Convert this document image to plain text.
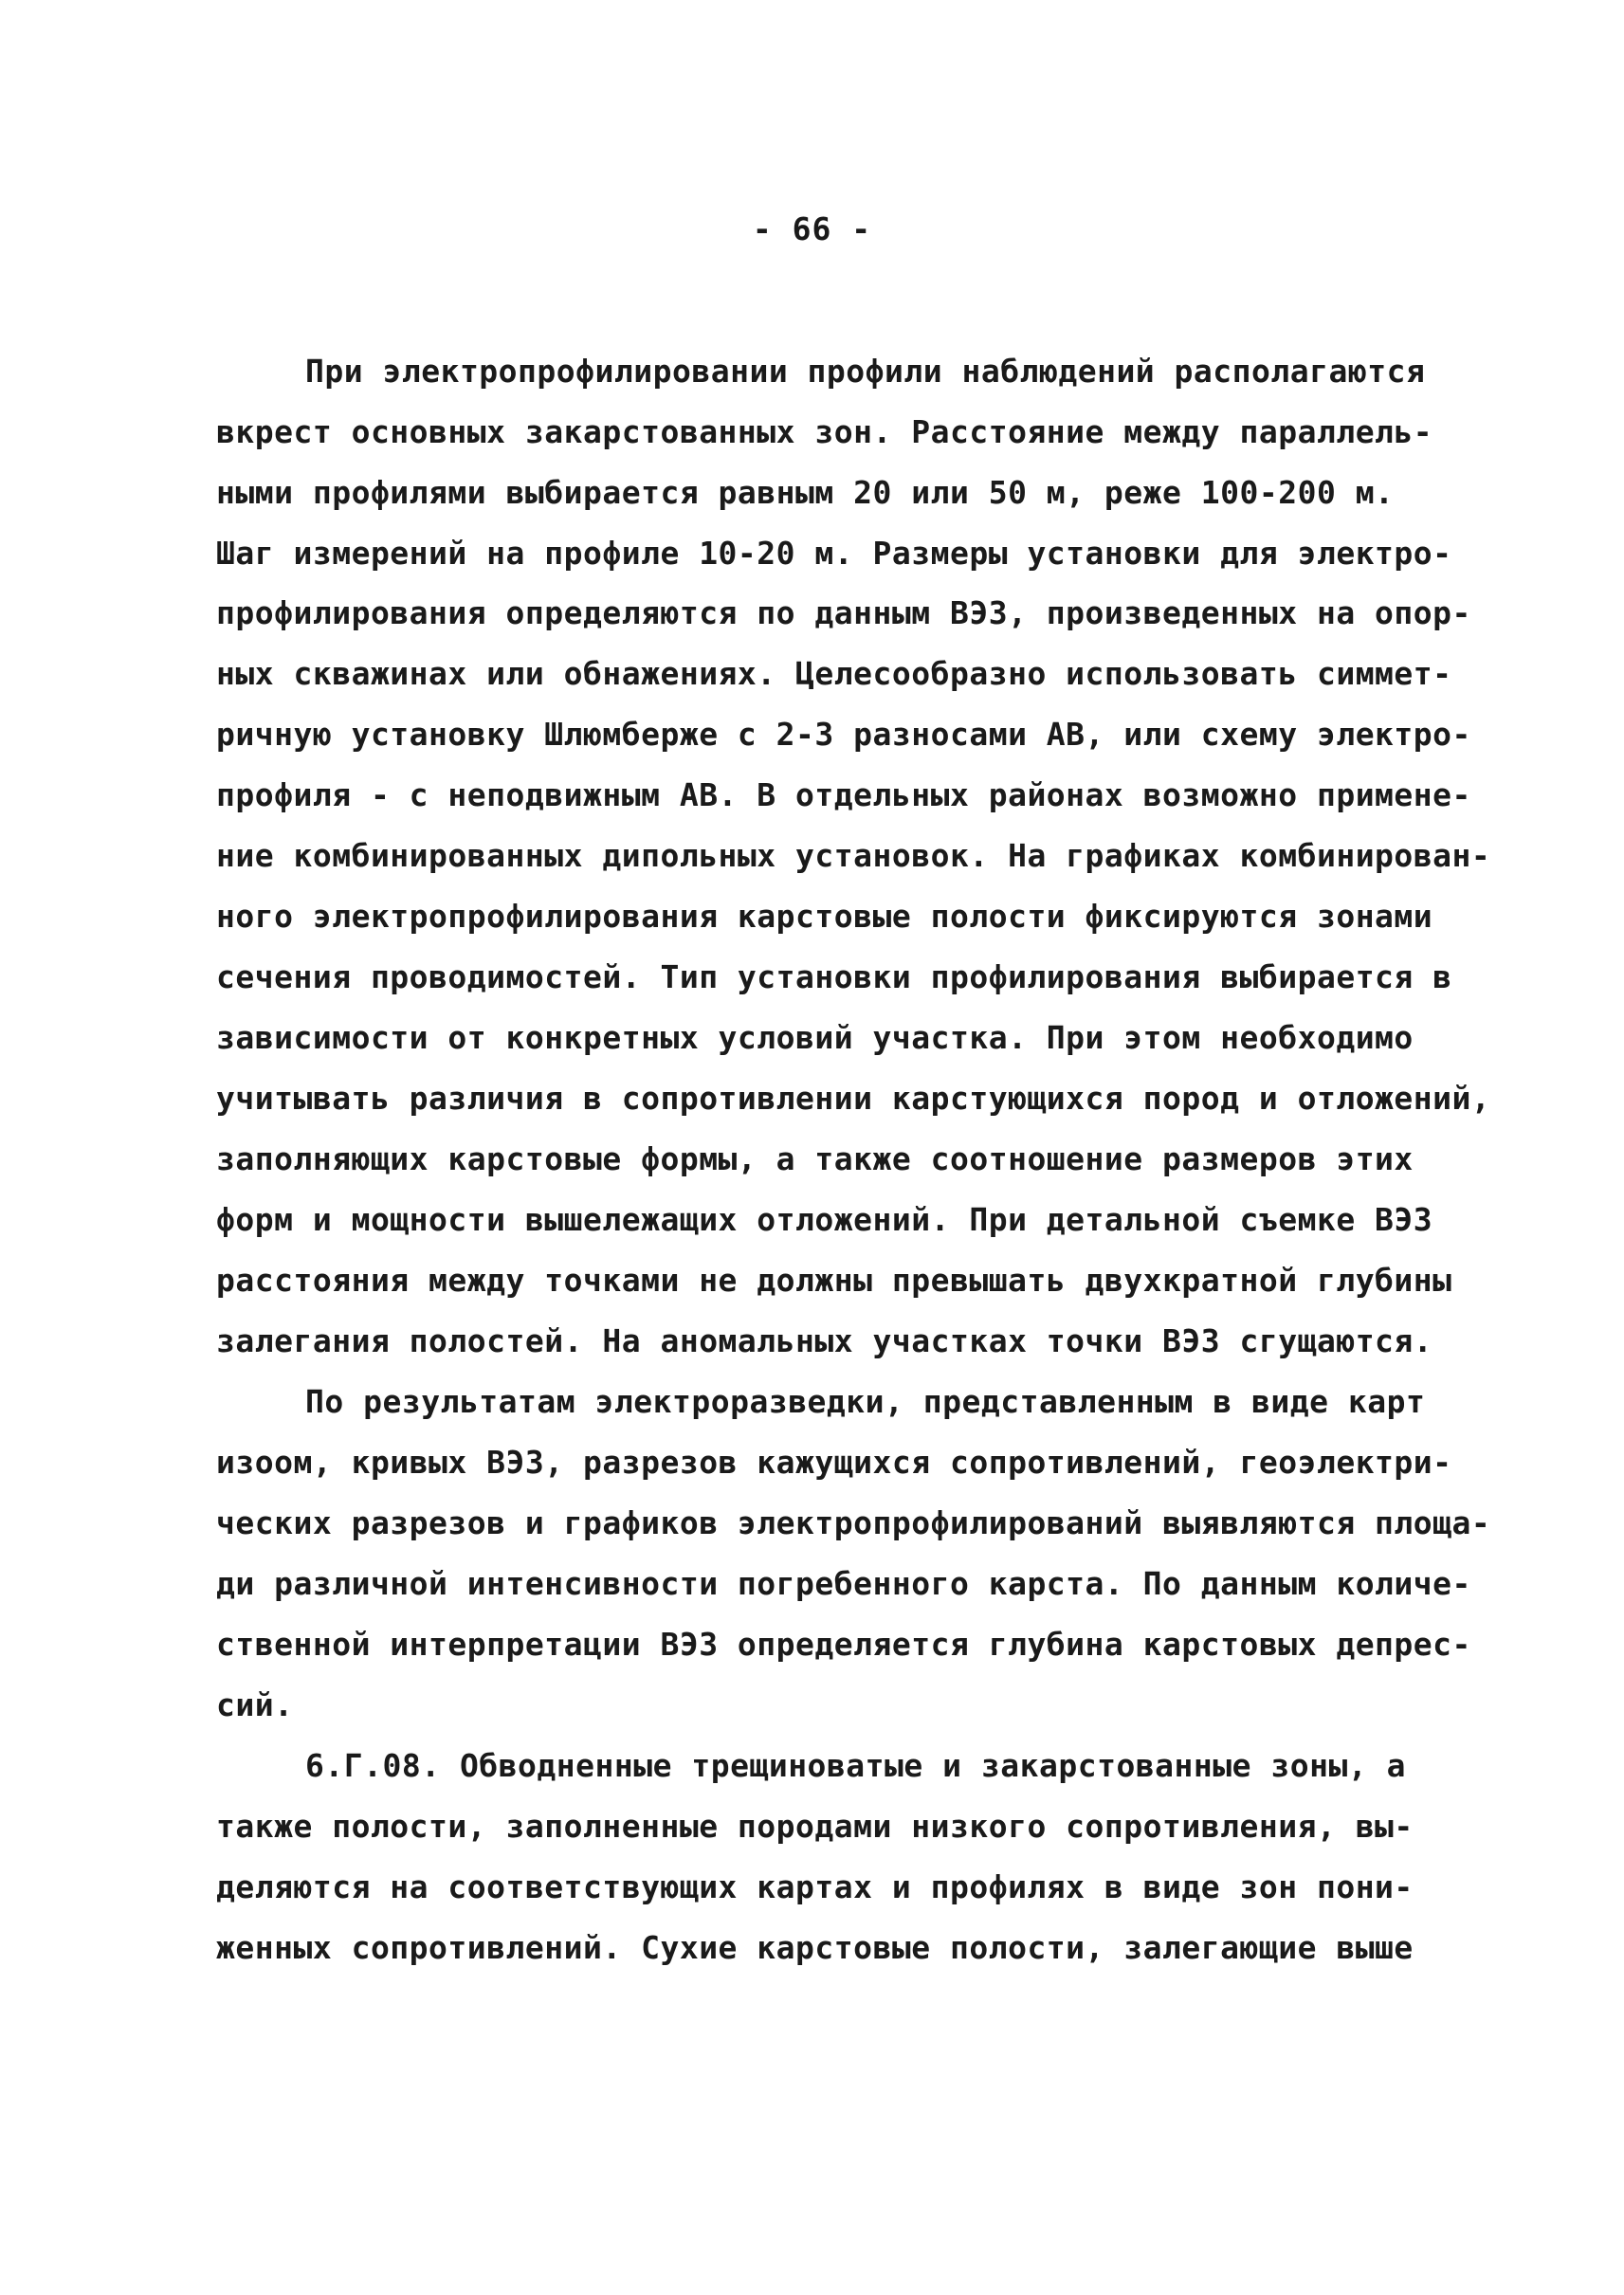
- 66 -
При электропрофилировании профили наблюдений располагаются
вкрест основных закарстованных зон. Расстояние между параллель-
ными профилями выбирается равным 20 или 50 м, реже 100-200 м.
Шаг измерений на профиле 10-20 м. Размеры установки для электро-
профилирования определяются по данным ВЭЗ, произведенных на опор-
ных скважинах или обнажениях. Целесообразно использовать симмет-
ричную установку Шлюмберже с 2-3 разносами АВ, или схему электро-
профиля - с неподвижным АВ. В отдельных районах возможно примене-
ние комбинированных дипольных установок. На графиках комбинирован-
ного электропрофилирования карстовые полости фиксируются зонами
сечения проводимостей. Тип установки профилирования выбирается в
зависимости от конкретных условий участка. При этом необходимо
учитывать различия в сопротивлении карстующихся пород и отложений,
заполняющих карстовые формы, а также соотношение размеров этих
форм и мощности вышележащих отложений. При детальной съемке ВЭЗ
расстояния между точками не должны превышать двухкратной глубины
залегания полостей. На аномальных участках точки ВЭЗ сгущаются.
По результатам электроразведки, представленным в виде карт
изоом, кривых ВЭЗ, разрезов кажущихся сопротивлений, геоэлектри-
ческих разрезов и графиков электропрофилирований выявляются площа-
ди различной интенсивности погребенного карста. По данным количе-
ственной интерпретации ВЭЗ определяется глубина карстовых депрес-
сий.
6.Г.08. Обводненные трещиноватые и закарстованные зоны, а
также полости, заполненные породами низкого сопротивления, вы-
деляются на соответствующих картах и профилях в виде зон пони-
женных сопротивлений. Сухие карстовые полости, залегающие выше
